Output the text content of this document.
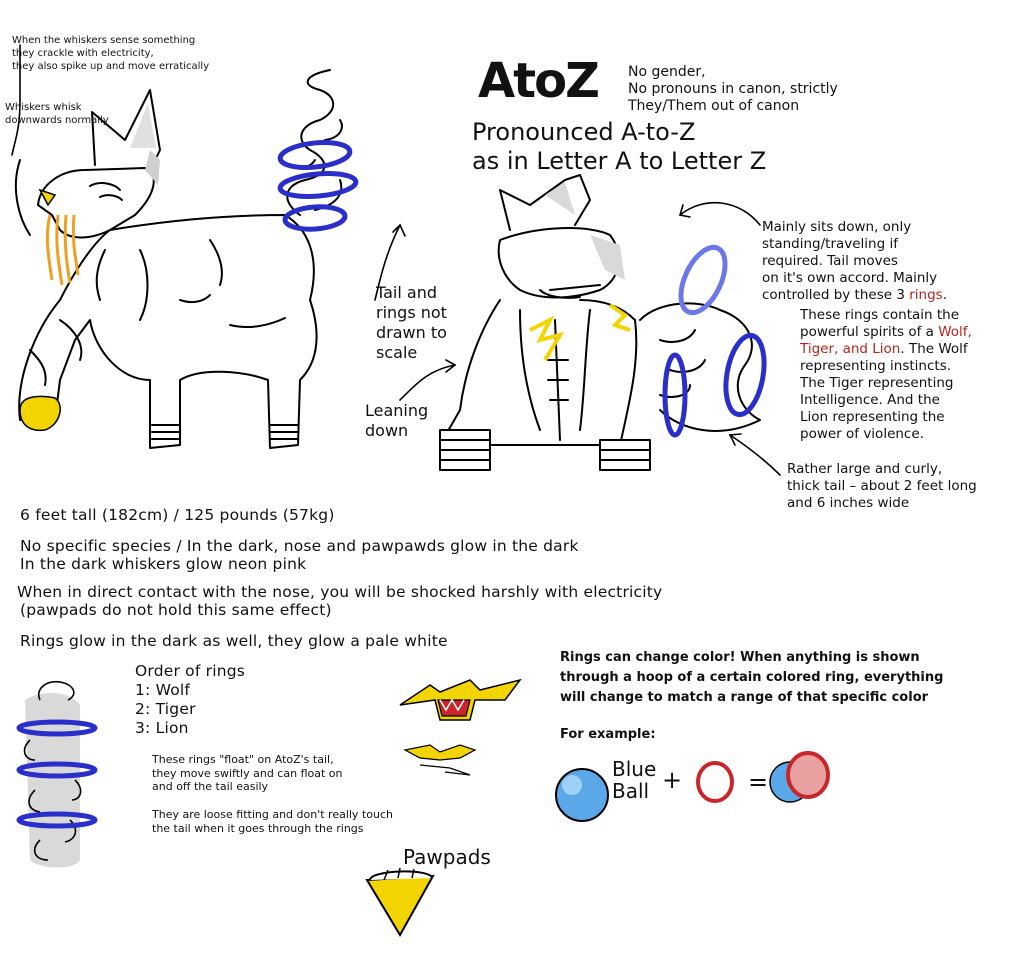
When the whiskers sense something
they crackle with electricity,
they also spike up and move erratically
Whiskers whisk
downwards normally
AtoZ No gender,
No pronouns in canon, strictly
They/Them out of canon
Pronounced A-to-Z
as in Letter A to Letter Z
Tail and
rings not
drawn to
scale
Leaning
down
Mainly sits down, only
standing/traveling if
required. Tail moves
on it's own accord. Mainly
controlled by these 3 rings.
These rings contain the
powerful spirits of a Wolf,
Tiger, and Lion. The Wolf
representing instincts.
The Tiger representing
Intelligence. And the
Lion representing the
power of violence.
Rather large and curly,
thick tail – about 2 feet long
and 6 inches wide
6 feet tall (182cm) / 125 pounds (57kg)
No specific species / In the dark, nose and pawpawds glow in the dark
In the dark whiskers glow neon pink
When in direct contact with the nose, you will be shocked harshly with electricity
(pawpads do not hold this same effect)
Rings glow in the dark as well, they glow a pale white
Order of rings
1: Wolf
2: Tiger
3: Lion
These rings "float" on AtoZ's tail,
they move swiftly and can float on
and off the tail easily
They are loose fitting and don't really touch
the tail when it goes through the rings
Rings can change color! When anything is shown
through a hoop of a certain colored ring, everything
will change to match a range of that specific color
For example:
Blue
Ball +	=
Pawpads
